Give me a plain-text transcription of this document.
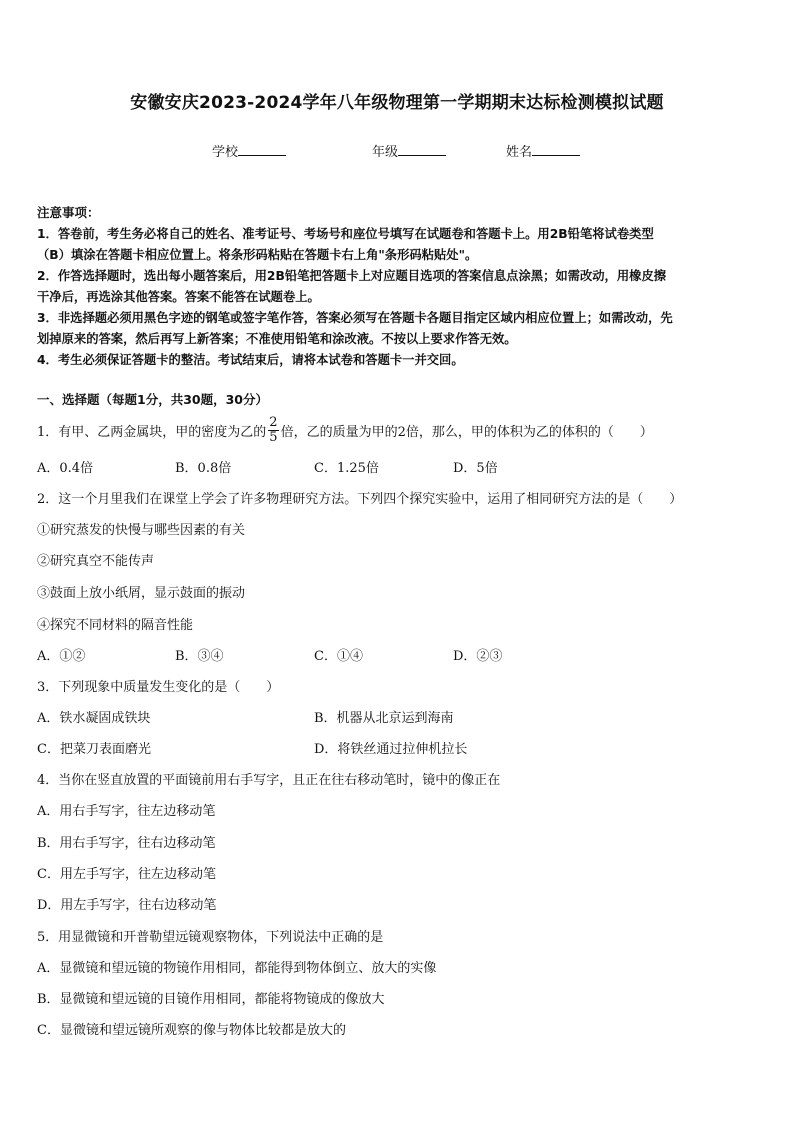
安徽安庆2023-2024学年八年级物理第一学期期末达标检测模拟试题
学校	年级	姓名
注意事项：
1．答卷前，考生务必将自己的姓名、准考证号、考场号和座位号填写在试题卷和答题卡上。用2B铅笔将试卷类型
（B）填涂在答题卡相应位置上。将条形码粘贴在答题卡右上角"条形码粘贴处"。
2．作答选择题时，选出每小题答案后，用2B铅笔把答题卡上对应题目选项的答案信息点涂黑；如需改动，用橡皮擦
干净后，再选涂其他答案。答案不能答在试题卷上。
3．非选择题必须用黑色字迹的钢笔或签字笔作答，答案必须写在答题卡各题目指定区域内相应位置上；如需改动，先
划掉原来的答案，然后再写上新答案；不准使用铅笔和涂改液。不按以上要求作答无效。
4．考生必须保证答题卡的整洁。考试结束后，请将本试卷和答题卡一并交回。
一、选择题（每题1分，共30题，30分）
1．有甲、乙两金属块，甲的密度为乙的 $\frac{2}{5}$ 倍，乙的质量为甲的2倍，那么，甲的体积为乙的体积的（　　）
A．0.4倍	B．0.8倍	C．1.25倍	D．5倍
2．这一个月里我们在课堂上学会了许多物理研究方法。下列四个探究实验中，运用了相同研究方法的是（　　）
①研究蒸发的快慢与哪些因素的有关
②研究真空不能传声
③鼓面上放小纸屑，显示鼓面的振动
④探究不同材料的隔音性能
A．①②	B．③④	C．①④	D．②③
3．下列现象中质量发生变化的是（　　）
A．铁水凝固成铁块	B．机器从北京运到海南
C．把菜刀表面磨光	D．将铁丝通过拉伸机拉长
4．当你在竖直放置的平面镜前用右手写字，且正在往右移动笔时，镜中的像正在
A．用右手写字，往左边移动笔
B．用右手写字，往右边移动笔
C．用左手写字，往左边移动笔
D．用左手写字，往右边移动笔
5．用显微镜和开普勒望远镜观察物体，下列说法中正确的是
A．显微镜和望远镜的物镜作用相同，都能得到物体倒立、放大的实像
B．显微镜和望远镜的目镜作用相同，都能将物镜成的像放大
C．显微镜和望远镜所观察的像与物体比较都是放大的
